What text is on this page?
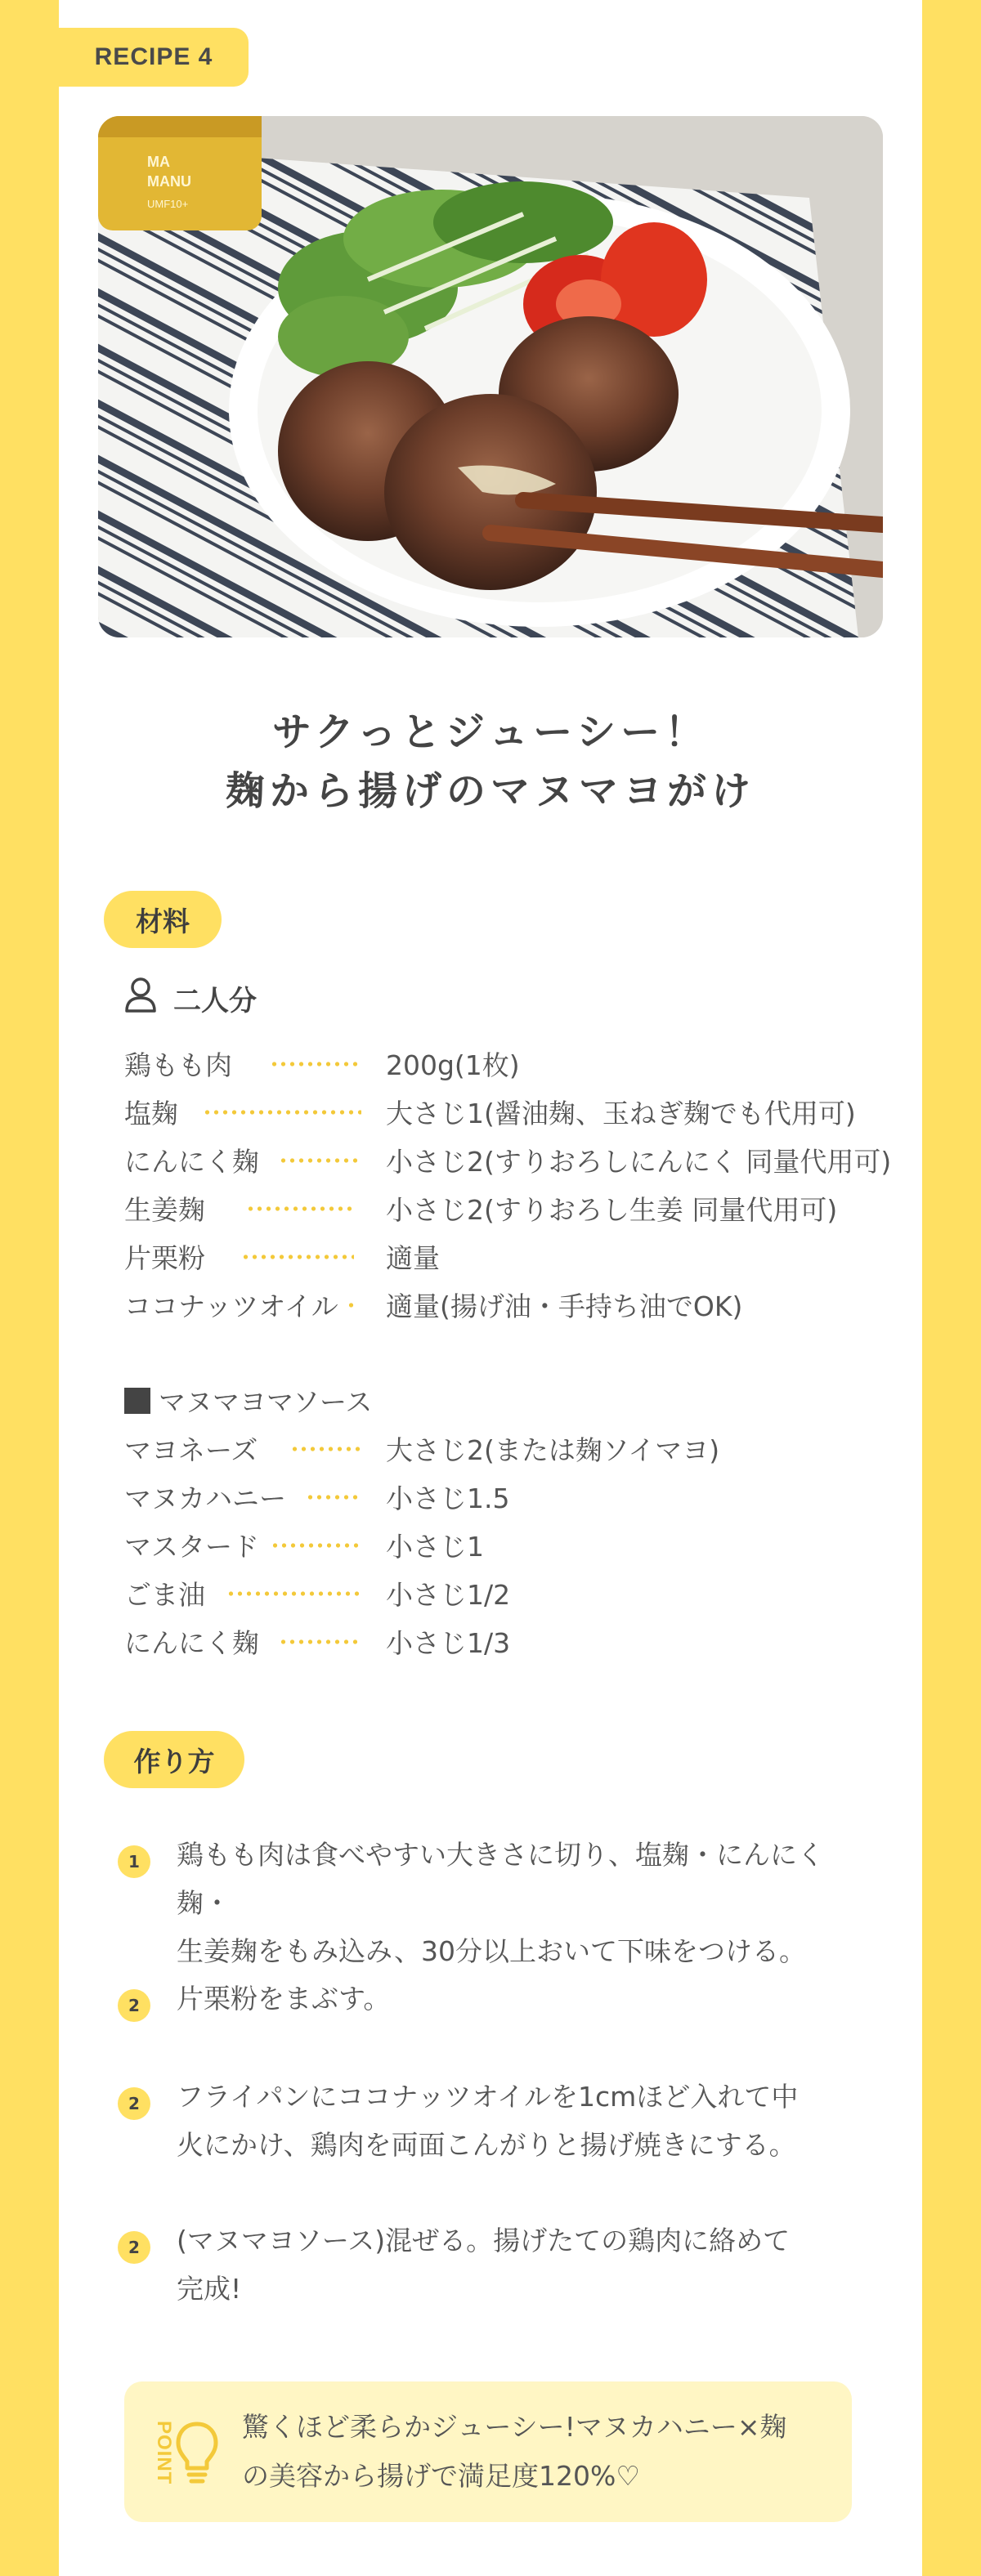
RECIPE 4
MA
MANU
UMF10+
サクっとジューシー！
麹から揚げのマヌマヨがけ
材料
二人分
鶏もも肉	200g(1枚)
塩麹	大さじ1(醤油麹、玉ねぎ麹でも代用可)
にんにく麹	小さじ2(すりおろしにんにく 同量代用可)
生姜麹	小さじ2(すりおろし生姜 同量代用可)
片栗粉	適量
ココナッツオイル 適量(揚げ油・手持ち油でOK)
マヌマヨマソース
マヨネーズ	大さじ2(または麹ソイマヨ)
マヌカハニー	小さじ1.5
マスタード	小さじ1
ごま油	小さじ1/2
にんにく麹	小さじ1/3
作り方
1	鶏もも肉は食べやすい大きさに切り、塩麹・にんにく麹・
生姜麹をもみ込み、30分以上おいて下味をつける。
2	片栗粉をまぶす。
2	フライパンにココナッツオイルを1cmほど入れて中
火にかけ、鶏肉を両面こんがりと揚げ焼きにする。
2	(マヌマヨソース)混ぜる。揚げたての鶏肉に絡めて
完成!
POINT 驚くほど柔らかジューシー!マヌカハニー×麹
の美容から揚げで満足度120%♡
